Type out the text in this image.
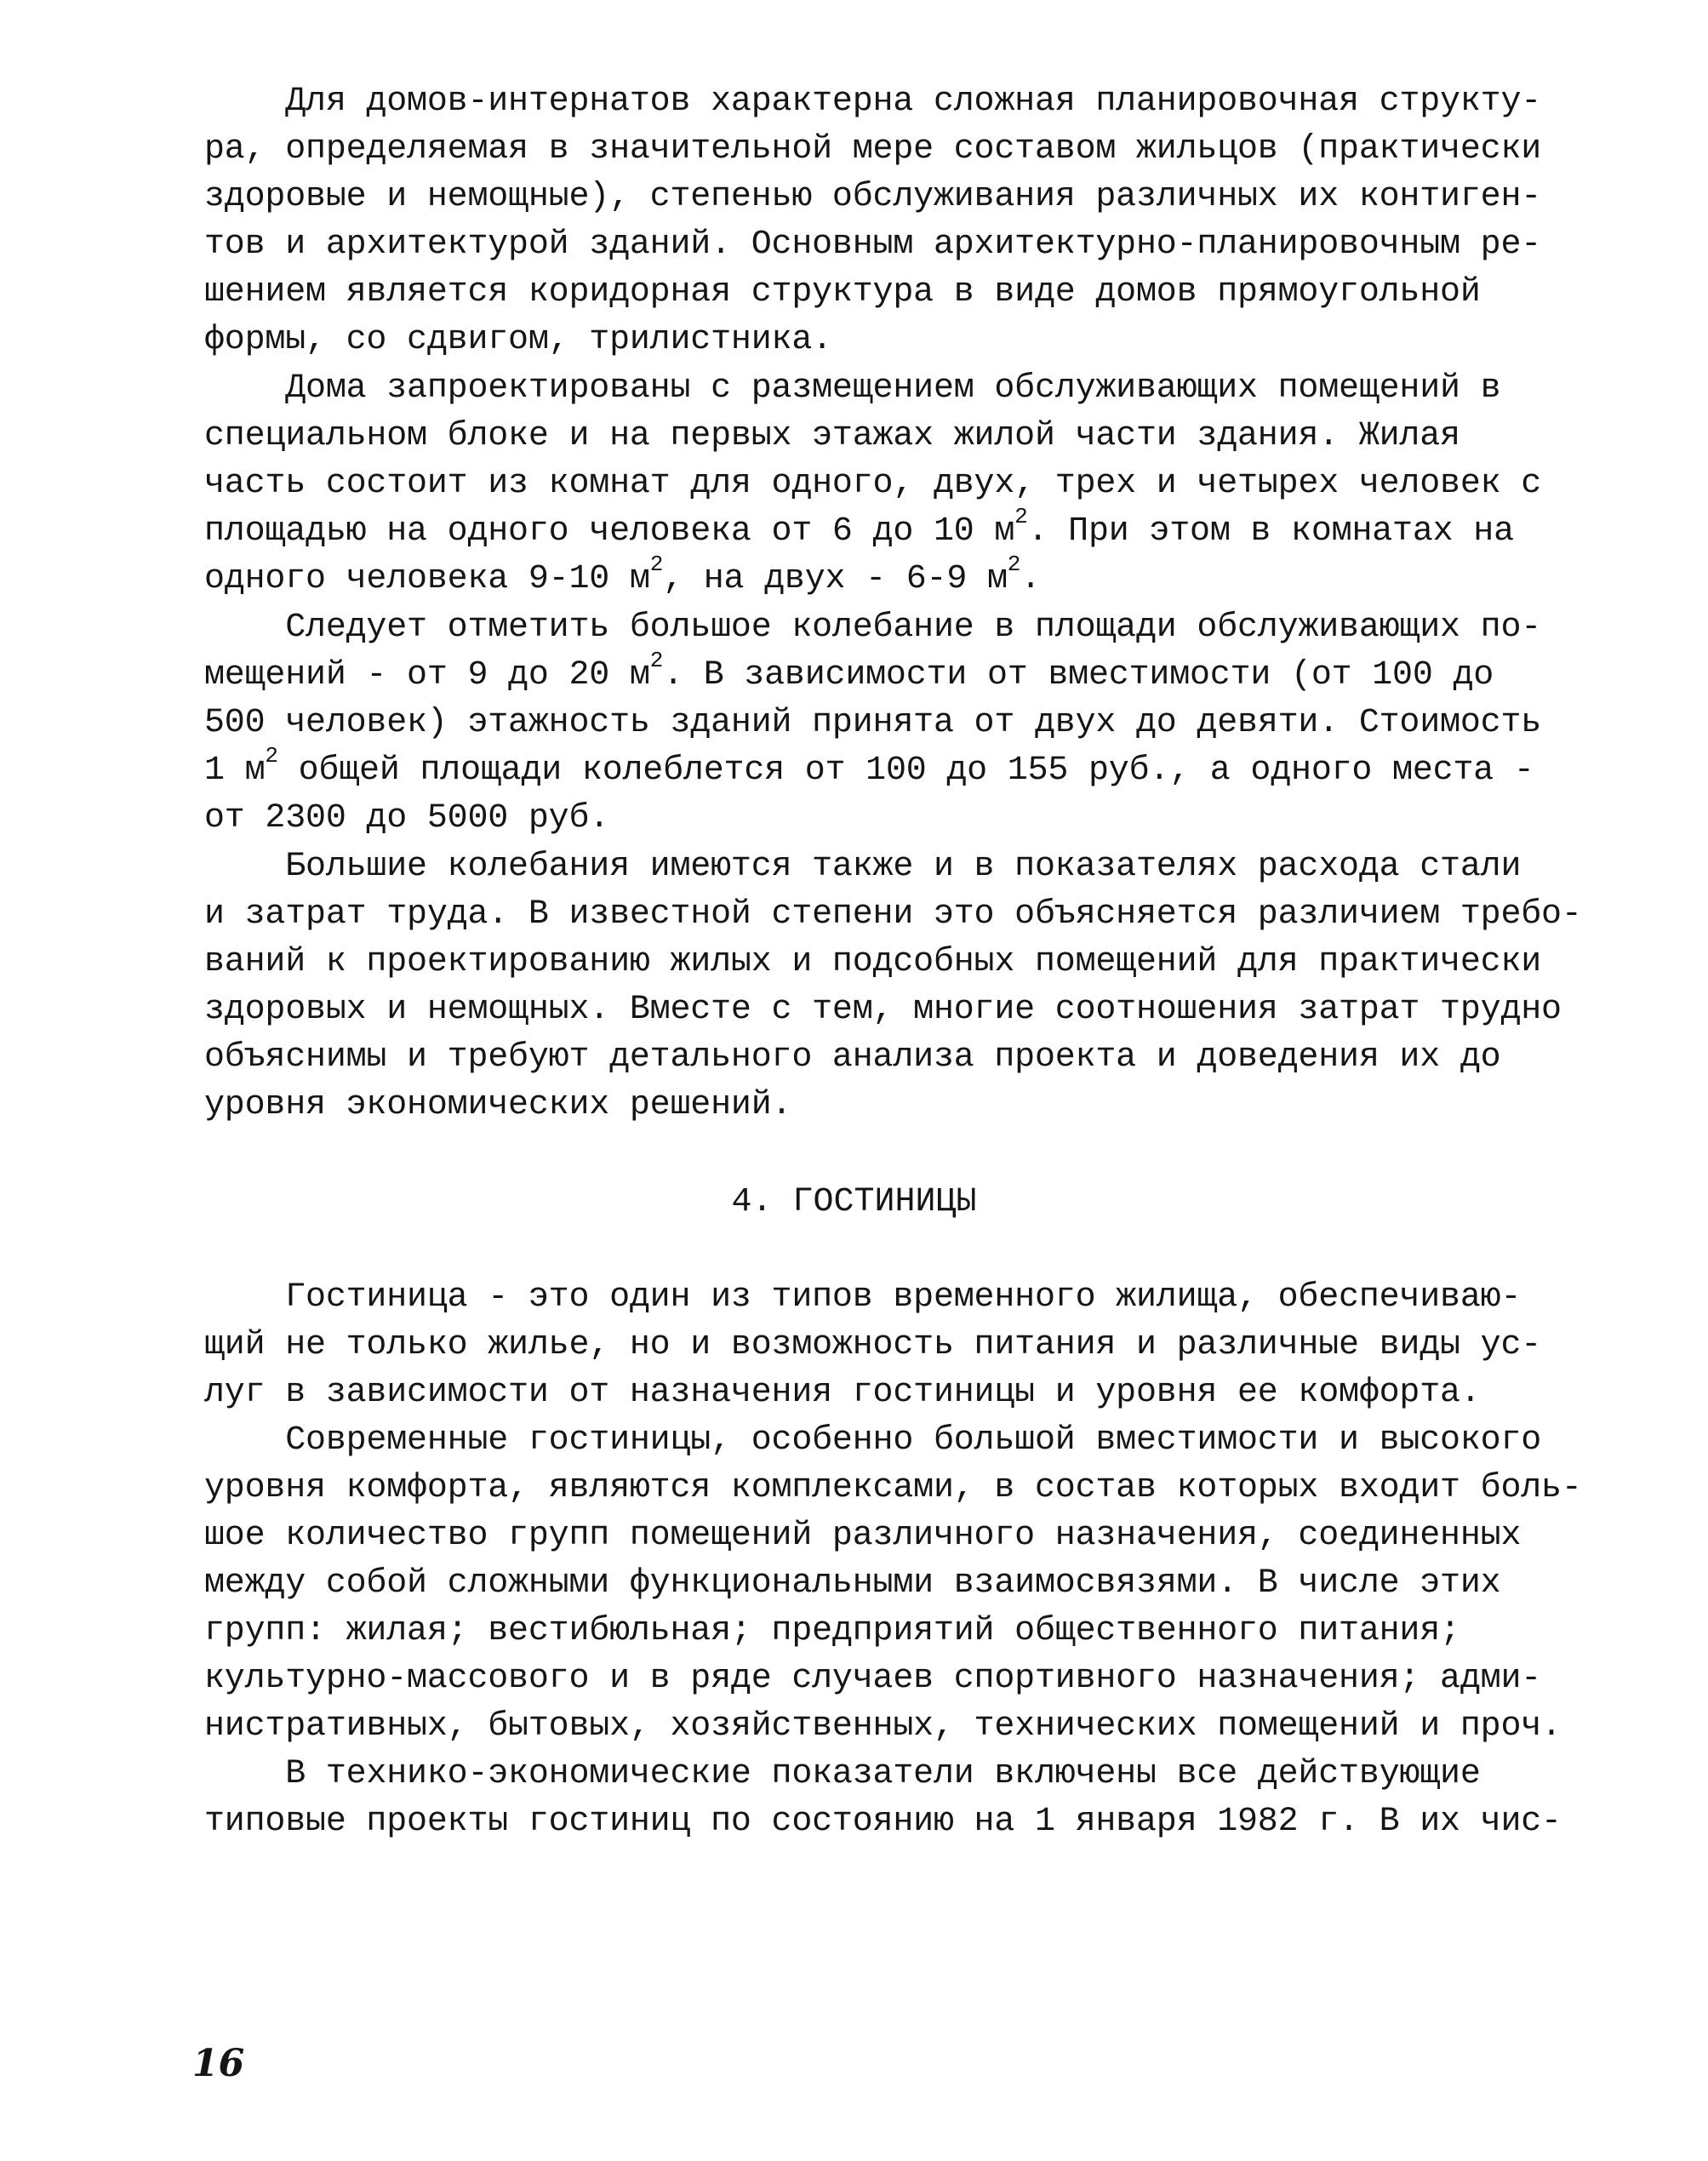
Для домов-интернатов характерна сложная планировочная структу-
ра, определяемая в значительной мере составом жильцов (практически
здоровые и немощные), степенью обслуживания различных их контиген-
тов и архитектурой зданий. Основным архитектурно-планировочным ре-
шением является коридорная структура в виде домов прямоугольной
формы, со сдвигом, трилистника.
Дома запроектированы с размещением обслуживающих помещений в
специальном блоке и на первых этажах жилой части здания. Жилая
часть состоит из комнат для одного, двух, трех и четырех человек с
площадью на одного человека от 6 до 10 $м^2$. При этом в комнатах на
одного человека 9-10 $м^2$, на двух - 6-9 $м^2$.
Следует отметить большое колебание в площади обслуживающих по-
мещений - от 9 до 20 $м^2$. В зависимости от вместимости (от 100 до
500 человек) этажность зданий принята от двух до девяти. Стоимость
1 $м^2$ общей площади колеблется от 100 до 155 руб., а одного места -
от 2300 до 5000 руб.
Большие колебания имеются также и в показателях расхода стали
и затрат труда. В известной степени это объясняется различием требо-
ваний к проектированию жилых и подсобных помещений для практически
здоровых и немощных. Вместе с тем, многие соотношения затрат трудно
объяснимы и требуют детального анализа проекта и доведения их до
уровня экономических решений.
4. ГОСТИНИЦЫ
Гостиница - это один из типов временного жилища, обеспечиваю-
щий не только жилье, но и возможность питания и различные виды ус-
луг в зависимости от назначения гостиницы и уровня ее комфорта.
Современные гостиницы, особенно большой вместимости и высокого
уровня комфорта, являются комплексами, в состав которых входит боль-
шое количество групп помещений различного назначения, соединенных
между собой сложными функциональными взаимосвязями. В числе этих
групп: жилая; вестибюльная; предприятий общественного питания;
культурно-массового и в ряде случаев спортивного назначения; адми-
нистративных, бытовых, хозяйственных, технических помещений и проч.
В технико-экономические показатели включены все действующие
типовые проекты гостиниц по состоянию на 1 января 1982 г. В их чис-
16
